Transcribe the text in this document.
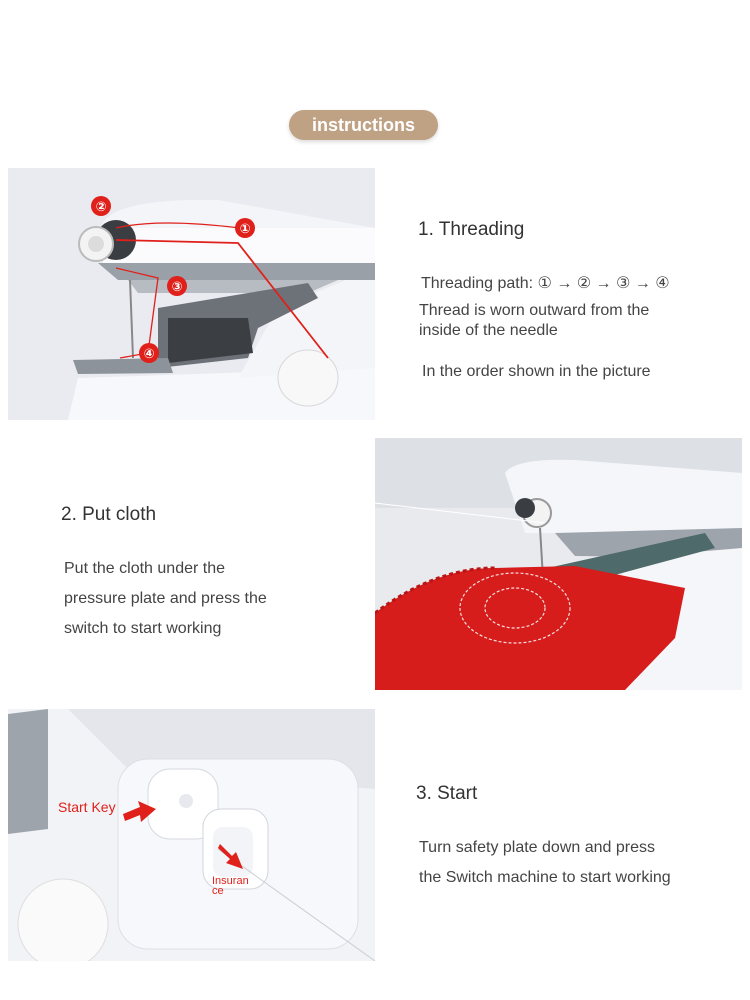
instructions
②
①
③
④
1. Threading
Threading path: ① → ② → ③ → ④
Thread is worn outward from the
inside of the needle
In the order shown in the picture
2. Put cloth
Put the cloth under the
pressure plate and press the
switch to start working
Start Key
Insuran
ce
3. Start
Turn safety plate down and press
the Switch machine to start working
